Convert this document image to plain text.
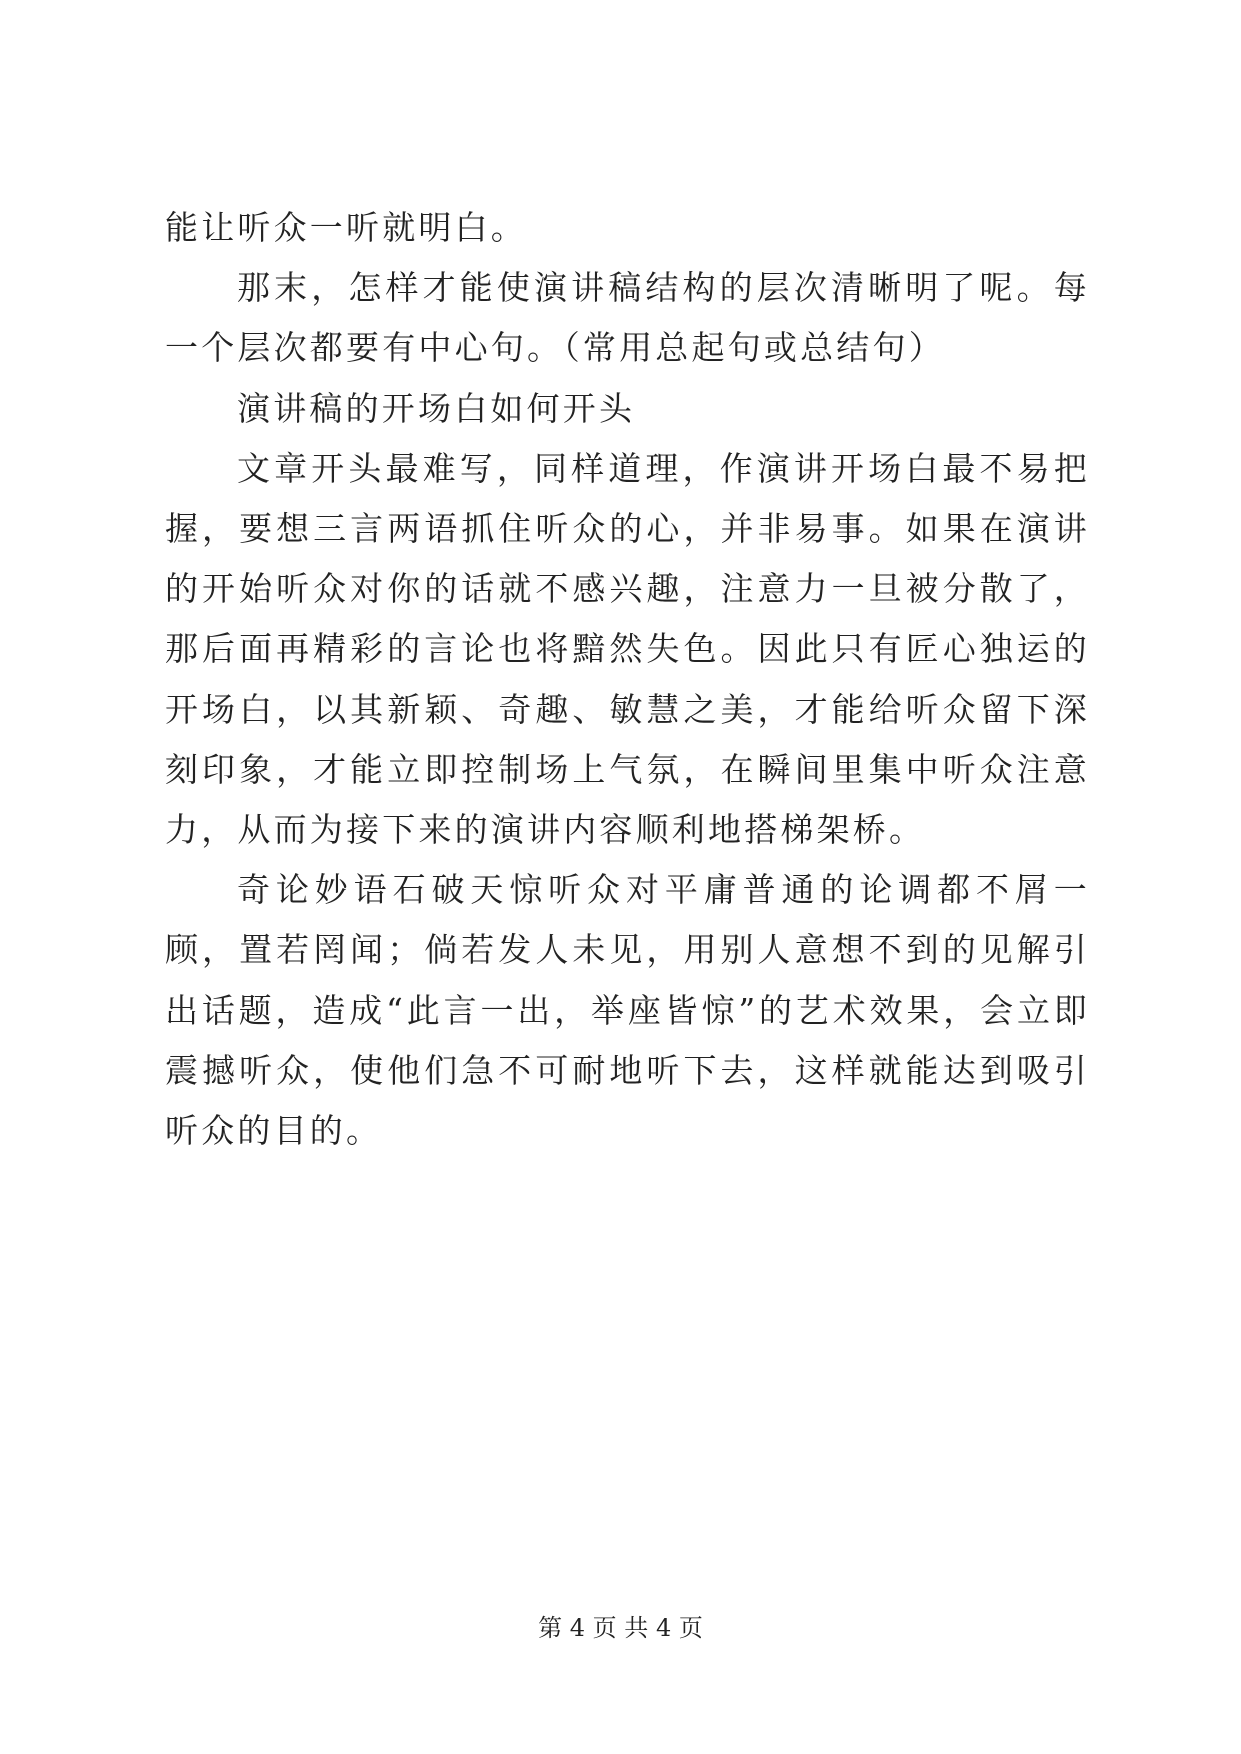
能让听众一听就明白。

那末，怎样才能使演讲稿结构的层次清晰明了呢。每一个层次都要有中心句。（常用总起句或总结句）

演讲稿的开场白如何开头

文章开头最难写，同样道理，作演讲开场白最不易把握，要想三言两语抓住听众的心，并非易事。如果在演讲的开始听众对你的话就不感兴趣，注意力一旦被分散了，那后面再精彩的言论也将黯然失色。因此只有匠心独运的开场白，以其新颖、奇趣、敏慧之美，才能给听众留下深刻印象，才能立即控制场上气氛，在瞬间里集中听众注意力，从而为接下来的演讲内容顺利地搭梯架桥。

奇论妙语石破天惊听众对平庸普通的论调都不屑一顾，置若罔闻；倘若发人未见，用别人意想不到的见解引出话题，造成“此言一出，举座皆惊”的艺术效果，会立即震撼听众，使他们急不可耐地听下去，这样就能达到吸引听众的目的。

第 4 页 共 4 页
